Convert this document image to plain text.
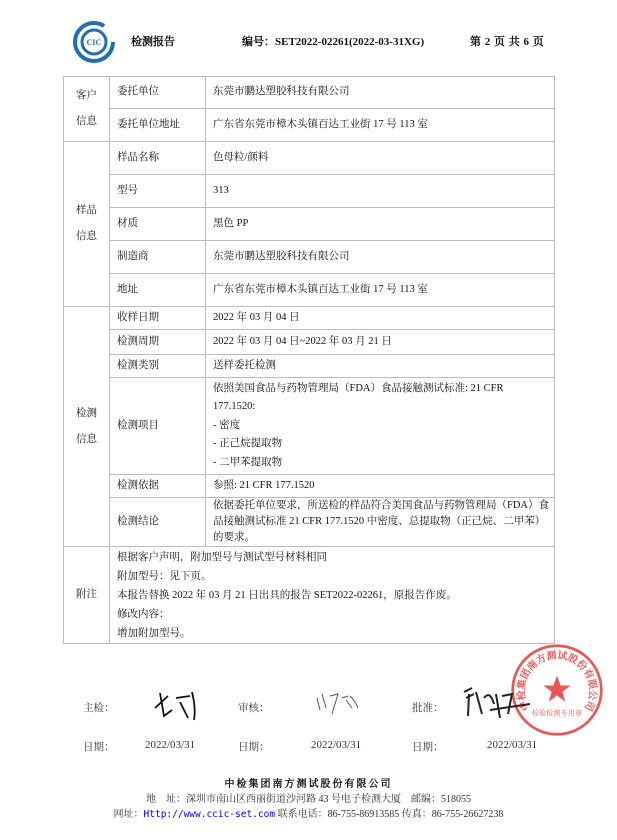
CIC	检测报告	编号：SET2022-02261(2022-03-31XG)	第 2 页 共 6 页
客户
信息	委托单位	东莞市鹏达塑胶科技有限公司
	委托单位地址	广东省东莞市樟木头镇百达工业街 17 号 113 室
样品
信息	样品名称	色母粒/颜料
	型号	313
	材质	黑色 PP
	制造商	东莞市鹏达塑胶科技有限公司
	地址	广东省东莞市樟木头镇百达工业街 17 号 113 室
检测
信息	收样日期	2022 年 03 月 04 日
	检测周期	2022 年 03 月 04 日~2022 年 03 月 21 日
	检测类别	送样委托检测
	检测项目	依照美国食品与药物管理局（FDA）食品接触测试标准: 21 CFR 177.1520:
- 密度
- 正己烷提取物
- 二甲苯提取物

	检测依据	参照: 21 CFR 177.1520
	检测结论	依据委托单位要求，所送检的样品符合美国食品与药物管理局（FDA）食品接触测试标准 21 CFR 177.1520 中密度、总提取物（正己烷、二甲苯）的要求。
附注	根据客户声明，附加型号与测试型号材料相同
附加型号：见下页。
本报告替换 2022 年 03 月 21 日出具的报告 SET2022-02261，原报告作废。
修改内容：
增加附加型号。	
中检集团南方测试股份有限公司
检验检测专用章
主检：	审核：	批准：
日期：	2022/03/31	日期：	2022/03/31	日期：	2022/03/31
中检集团南方测试股份有限公司
地　址：深圳市南山区西丽街道沙河路 43 号电子检测大厦　邮编：518055
网址：Http://www.ccic-set.com 联系电话：86-755-86913585 传真：86-755-26627238
